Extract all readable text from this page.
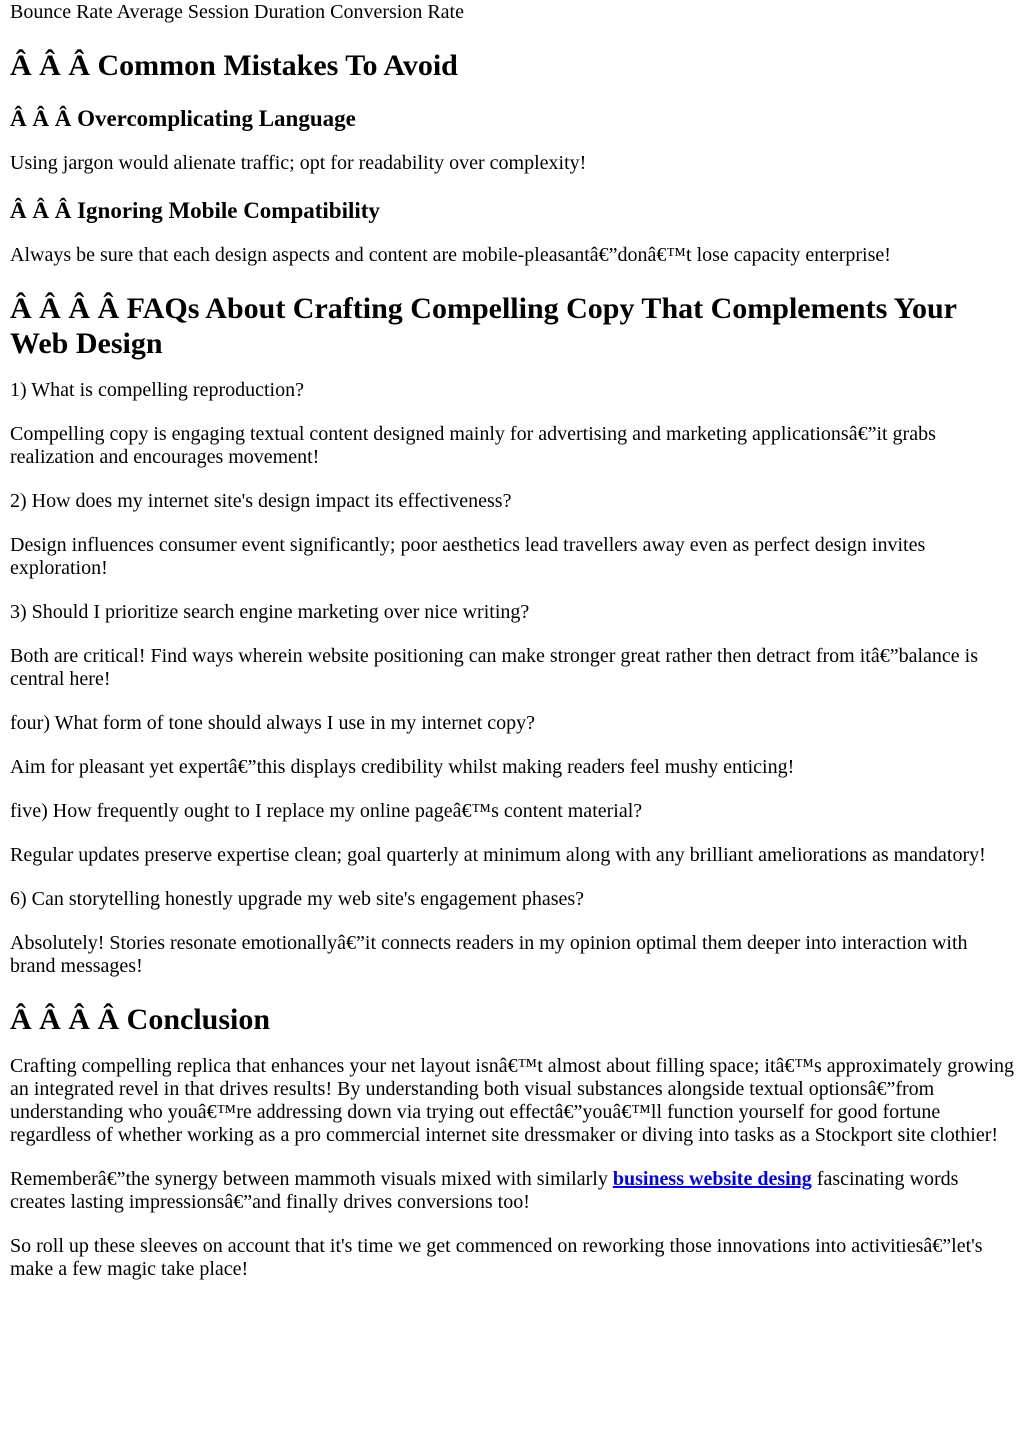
Bounce Rate Average Session Duration Conversion Rate

Â Â Â Common Mistakes To Avoid
Â Â Â Overcomplicating Language

Using jargon would alienate traffic; opt for readability over complexity!

Â Â Â Ignoring Mobile Compatibility

Always be sure that each design aspects and content are mobile-pleasantâ€”donâ€™t lose capacity enterprise!

Â Â Â Â FAQs About Crafting Compelling Copy That Complements Your Web Design

1) What is compelling reproduction?

Compelling copy is engaging textual content designed mainly for advertising and marketing applicationsâ€”it grabs realization and encourages movement!

2) How does my internet site's design impact its effectiveness?

Design influences consumer event significantly; poor aesthetics lead travellers away even as perfect design invites exploration!

3) Should I prioritize search engine marketing over nice writing?

Both are critical! Find ways wherein website positioning can make stronger great rather then detract from itâ€”balance is central here!

four) What form of tone should always I use in my internet copy?

Aim for pleasant yet expertâ€”this displays credibility whilst making readers feel mushy enticing!

five) How frequently ought to I replace my online pageâ€™s content material?

Regular updates preserve expertise clean; goal quarterly at minimum along with any brilliant ameliorations as mandatory!

6) Can storytelling honestly upgrade my web site's engagement phases?

Absolutely! Stories resonate emotionallyâ€”it connects readers in my opinion optimal them deeper into interaction with brand messages!

Â Â Â Â Conclusion

Crafting compelling replica that enhances your net layout isnâ€™t almost about filling space; itâ€™s approximately growing an integrated revel in that drives results! By understanding both visual substances alongside textual optionsâ€”from understanding who youâ€™re addressing down via trying out effectâ€”youâ€™ll function yourself for good fortune regardless of whether working as a pro commercial internet site dressmaker or diving into tasks as a Stockport site clothier!

Rememberâ€”the synergy between mammoth visuals mixed with similarly business website desing fascinating words creates lasting impressionsâ€”and finally drives conversions too!

So roll up these sleeves on account that it's time we get commenced on reworking those innovations into activitiesâ€”let's make a few magic take place!
